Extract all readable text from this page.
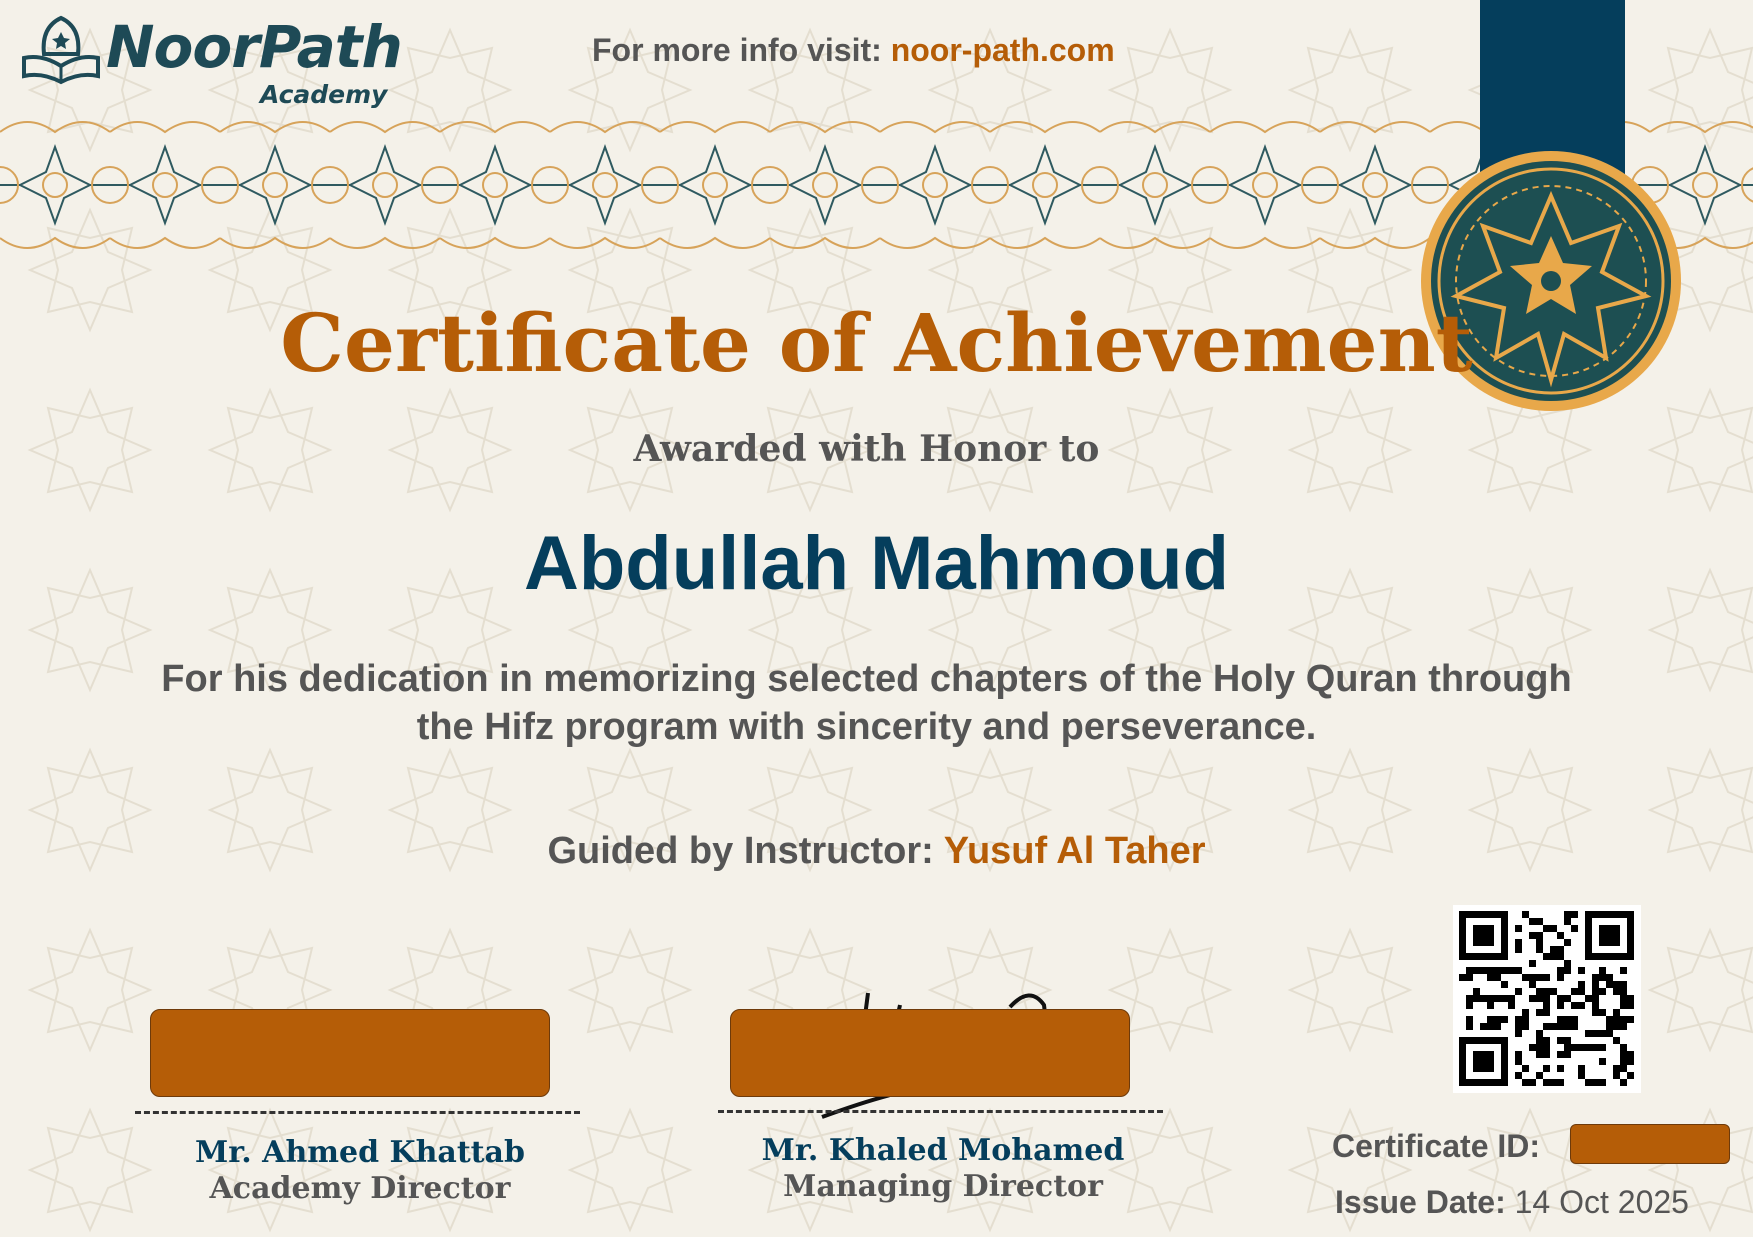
NoorPath
Academy
For more info visit: noor-path.com
Certificate of Achievement
Awarded with Honor to
Abdullah Mahmoud
For his dedication in memorizing selected chapters of the Holy Quran through
the Hifz program with sincerity and perseverance.
Guided by Instructor: Yusuf Al Taher
Mr. Ahmed Khattab
Academy Director
Mr. Khaled Mohamed
Managing Director
Certificate ID:
Issue Date: 14 Oct 2025
